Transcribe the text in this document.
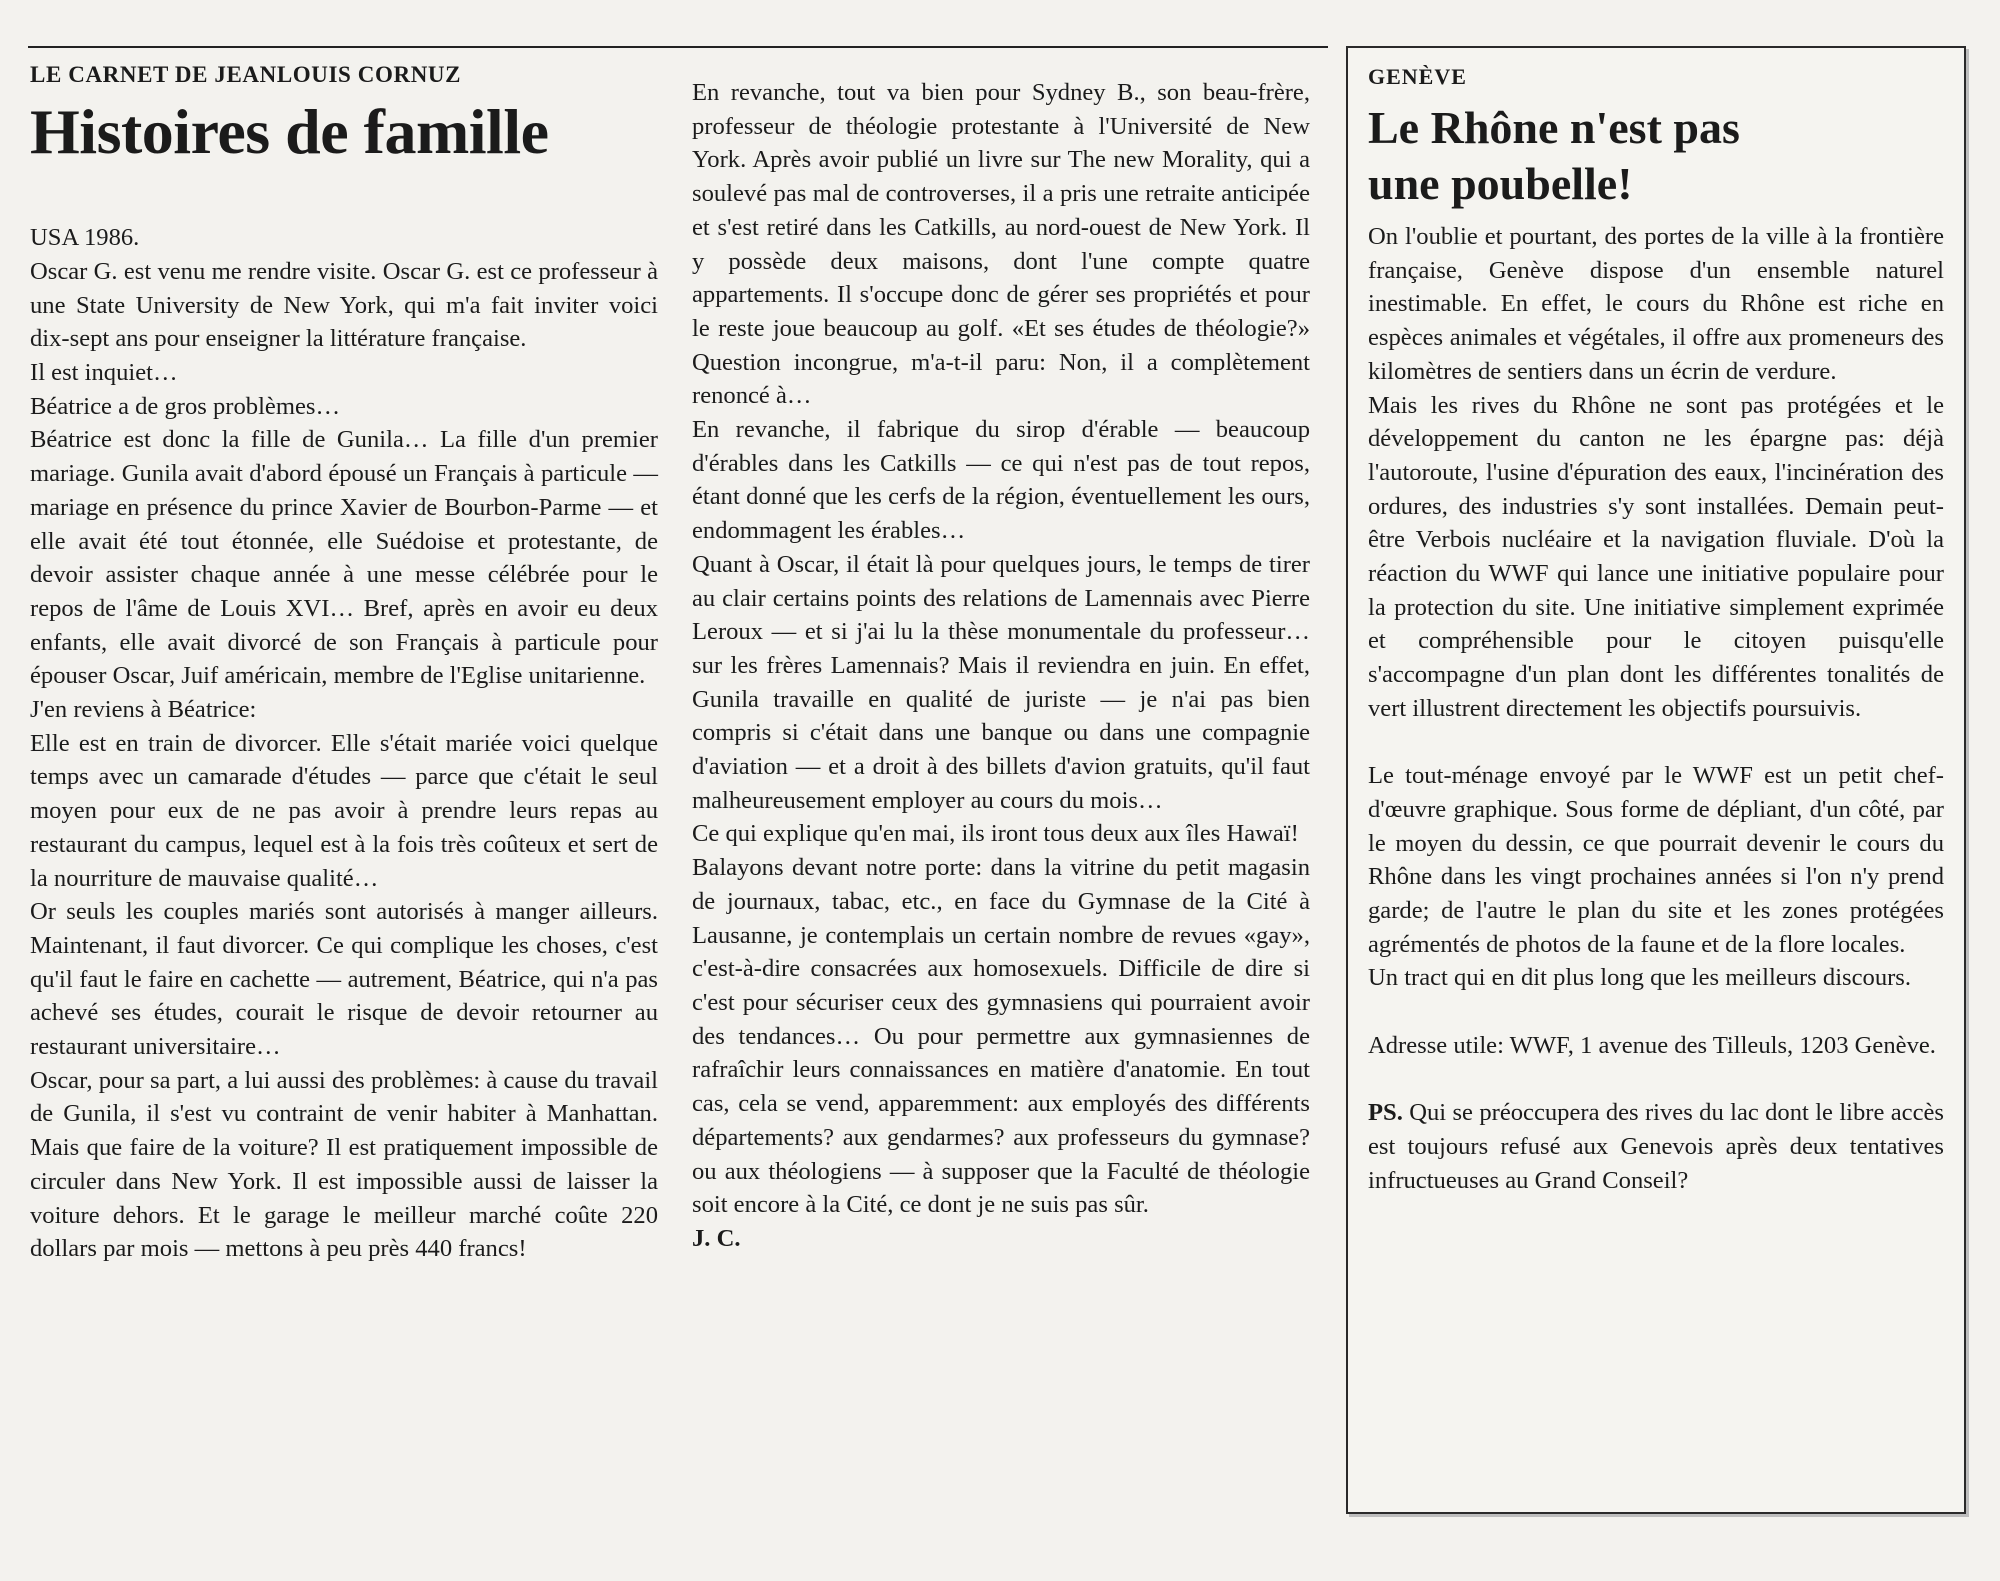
LE CARNET DE JEANLOUIS CORNUZ

Histoires de famille

USA 1986.

Oscar G. est venu me rendre visite. Oscar G. est ce professeur à une State University de New York, qui m'a fait inviter voici dix-sept ans pour enseigner la littérature française.

Il est inquiet…

Béatrice a de gros problèmes…

Béatrice est donc la fille de Gunila… La fille d'un premier mariage. Gunila avait d'abord épousé un Français à particule — mariage en présence du prince Xavier de Bourbon-Parme — et elle avait été tout étonnée, elle Suédoise et protestante, de devoir assister chaque année à une messe célébrée pour le repos de l'âme de Louis XVI… Bref, après en avoir eu deux enfants, elle avait divorcé de son Français à particule pour épouser Oscar, Juif américain, membre de l'Eglise unitarienne.

J'en reviens à Béatrice:

Elle est en train de divorcer. Elle s'était mariée voici quelque temps avec un camarade d'études — parce que c'était le seul moyen pour eux de ne pas avoir à prendre leurs repas au restaurant du campus, lequel est à la fois très coûteux et sert de la nourriture de mauvaise qualité…

Or seuls les couples mariés sont autorisés à manger ailleurs. Maintenant, il faut divorcer. Ce qui complique les choses, c'est qu'il faut le faire en cachette — autrement, Béatrice, qui n'a pas achevé ses études, courait le risque de devoir retourner au restaurant universitaire…

Oscar, pour sa part, a lui aussi des problèmes: à cause du travail de Gunila, il s'est vu contraint de venir habiter à Manhattan. Mais que faire de la voiture? Il est pratiquement impossible de circuler dans New York. Il est impossible aussi de laisser la voiture dehors. Et le garage le meilleur marché coûte 220 dollars par mois — mettons à peu près 440 francs!

En revanche, tout va bien pour Sydney B., son beau-frère, professeur de théologie protestante à l'Université de New York. Après avoir publié un livre sur The new Morality, qui a soulevé pas mal de controverses, il a pris une retraite anticipée et s'est retiré dans les Catkills, au nord-ouest de New York. Il y possède deux maisons, dont l'une compte quatre appartements. Il s'occupe donc de gérer ses propriétés et pour le reste joue beaucoup au golf. «Et ses études de théologie?» Question incongrue, m'a-t-il paru: Non, il a complètement renoncé à…

En revanche, il fabrique du sirop d'érable — beaucoup d'érables dans les Catkills — ce qui n'est pas de tout repos, étant donné que les cerfs de la région, éventuellement les ours, endommagent les érables…

Quant à Oscar, il était là pour quelques jours, le temps de tirer au clair certains points des relations de Lamennais avec Pierre Leroux — et si j'ai lu la thèse monumentale du professeur… sur les frères Lamennais? Mais il reviendra en juin. En effet, Gunila travaille en qualité de juriste — je n'ai pas bien compris si c'était dans une banque ou dans une compagnie d'aviation — et a droit à des billets d'avion gratuits, qu'il faut malheureusement employer au cours du mois…

Ce qui explique qu'en mai, ils iront tous deux aux îles Hawaï!

Balayons devant notre porte: dans la vitrine du petit magasin de journaux, tabac, etc., en face du Gymnase de la Cité à Lausanne, je contemplais un certain nombre de revues «gay», c'est-à-dire consacrées aux homosexuels. Difficile de dire si c'est pour sécuriser ceux des gymnasiens qui pourraient avoir des tendances… Ou pour permettre aux gymnasiennes de rafraîchir leurs connaissances en matière d'anatomie. En tout cas, cela se vend, apparemment: aux employés des différents départements? aux gendarmes? aux professeurs du gymnase? ou aux théologiens — à supposer que la Faculté de théologie soit encore à la Cité, ce dont je ne suis pas sûr.

J. C.

GENÈVE

Le Rhône n'est pas
une poubelle!

On l'oublie et pourtant, des portes de la ville à la frontière française, Genève dispose d'un ensemble naturel inestimable. En effet, le cours du Rhône est riche en espèces animales et végétales, il offre aux promeneurs des kilomètres de sentiers dans un écrin de verdure.

Mais les rives du Rhône ne sont pas protégées et le développement du canton ne les épargne pas: déjà l'autoroute, l'usine d'épuration des eaux, l'incinération des ordures, des industries s'y sont installées. Demain peut-être Verbois nucléaire et la navigation fluviale. D'où la réaction du WWF qui lance une initiative populaire pour la protection du site. Une initiative simplement exprimée et compréhensible pour le citoyen puisqu'elle s'accompagne d'un plan dont les différentes tonalités de vert illustrent directement les objectifs poursuivis.

Le tout-ménage envoyé par le WWF est un petit chef-d'œuvre graphique. Sous forme de dépliant, d'un côté, par le moyen du dessin, ce que pourrait devenir le cours du Rhône dans les vingt prochaines années si l'on n'y prend garde; de l'autre le plan du site et les zones protégées agrémentés de photos de la faune et de la flore locales.

Un tract qui en dit plus long que les meilleurs discours.

Adresse utile: WWF, 1 avenue des Tilleuls, 1203 Genève.

PS. Qui se préoccupera des rives du lac dont le libre accès est toujours refusé aux Genevois après deux tentatives infructueuses au Grand Conseil?
